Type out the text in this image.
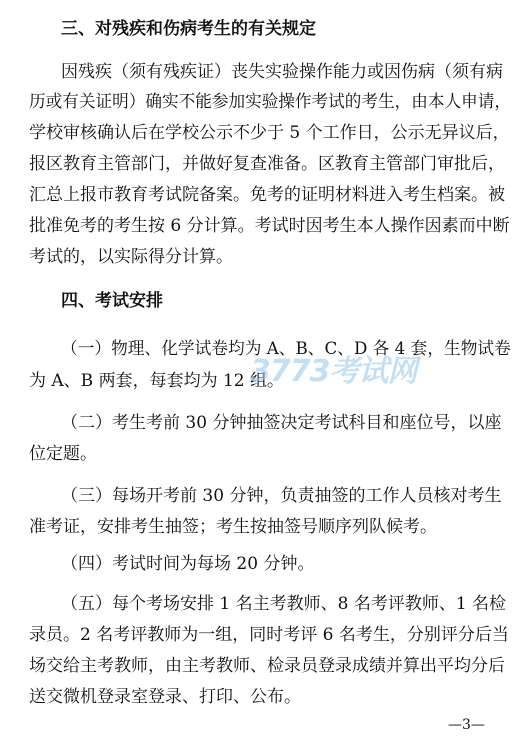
三、对残疾和伤病考生的有关规定
因残疾（须有残疾证）丧失实验操作能力或因伤病（须有病
历或有关证明）确实不能参加实验操作考试的考生，由本人申请，
学校审核确认后在学校公示不少于 5 个工作日，公示无异议后，
报区教育主管部门，并做好复查准备。区教育主管部门审批后，
汇总上报市教育考试院备案。免考的证明材料进入考生档案。被
批准免考的考生按 6 分计算。考试时因考生本人操作因素而中断
考试的，以实际得分计算。
四、考试安排
（一）物理、化学试卷均为 A、B、C、D 各 4 套，生物试卷
为 A、B 两套，每套均为 12 组。
3773考试网
（二）考生考前 30 分钟抽签决定考试科目和座位号，以座
位定题。
（三）每场开考前 30 分钟，负责抽签的工作人员核对考生
准考证，安排考生抽签；考生按抽签号顺序列队候考。
（四）考试时间为每场 20 分钟。
（五）每个考场安排 1 名主考教师、8 名考评教师、1 名检
录员。2 名考评教师为一组，同时考评 6 名考生，分别评分后当
场交给主考教师，由主考教师、检录员登录成绩并算出平均分后
送交微机登录室登录、打印、公布。
—3—
